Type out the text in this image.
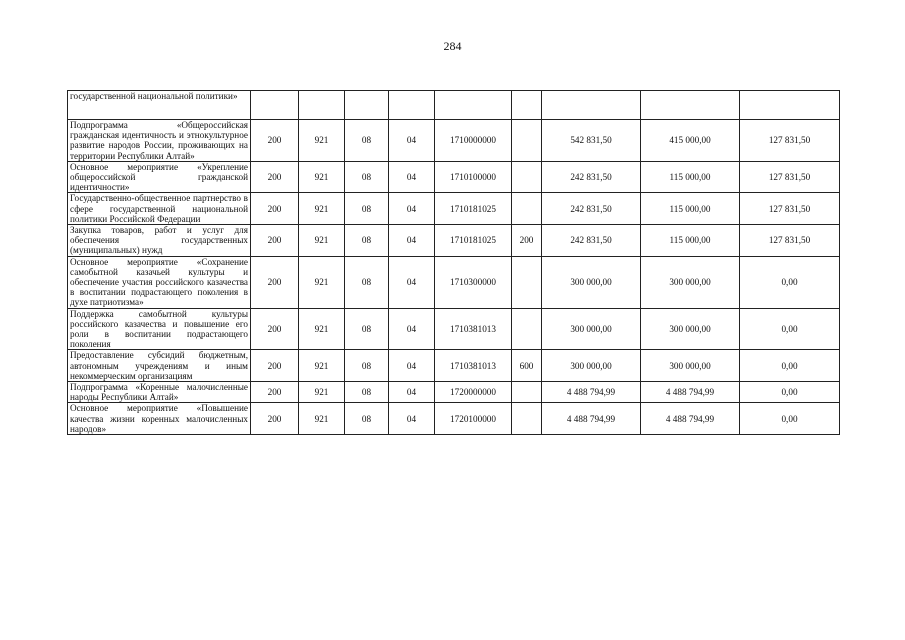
284
государственной национальной политики»									
Подпрограмма «Общероссийская гражданская идентичность и этнокультурное развитие народов России, проживающих на территории Республики Алтай»	200	921	08	04	1710000000		542 831,50	415 000,00	127 831,50
Основное мероприятие «Укрепление общероссийской гражданской идентичности»	200	921	08	04	1710100000		242 831,50	115 000,00	127 831,50
Государственно-общественное партнерство в сфере государственной национальной политики Российской Федерации	200	921	08	04	1710181025		242 831,50	115 000,00	127 831,50
Закупка товаров, работ и услуг для обеспечения государственных (муниципальных) нужд	200	921	08	04	1710181025	200	242 831,50	115 000,00	127 831,50
Основное мероприятие «Сохранение самобытной казачьей культуры и обеспечение участия российского казачества в воспитании подрастающего поколения в духе патриотизма»	200	921	08	04	1710300000		300 000,00	300 000,00	0,00
Поддержка самобытной культуры российского казачества и повышение его роли в воспитании подрастающего поколения	200	921	08	04	1710381013		300 000,00	300 000,00	0,00
Предоставление субсидий бюджетным, автономным учреждениям и иным некоммерческим организациям	200	921	08	04	1710381013	600	300 000,00	300 000,00	0,00
Подпрограмма «Коренные малочисленные народы Республики Алтай»	200	921	08	04	1720000000		4 488 794,99	4 488 794,99	0,00
Основное мероприятие «Повышение качества жизни коренных малочисленных народов»	200	921	08	04	1720100000		4 488 794,99	4 488 794,99	0,00
